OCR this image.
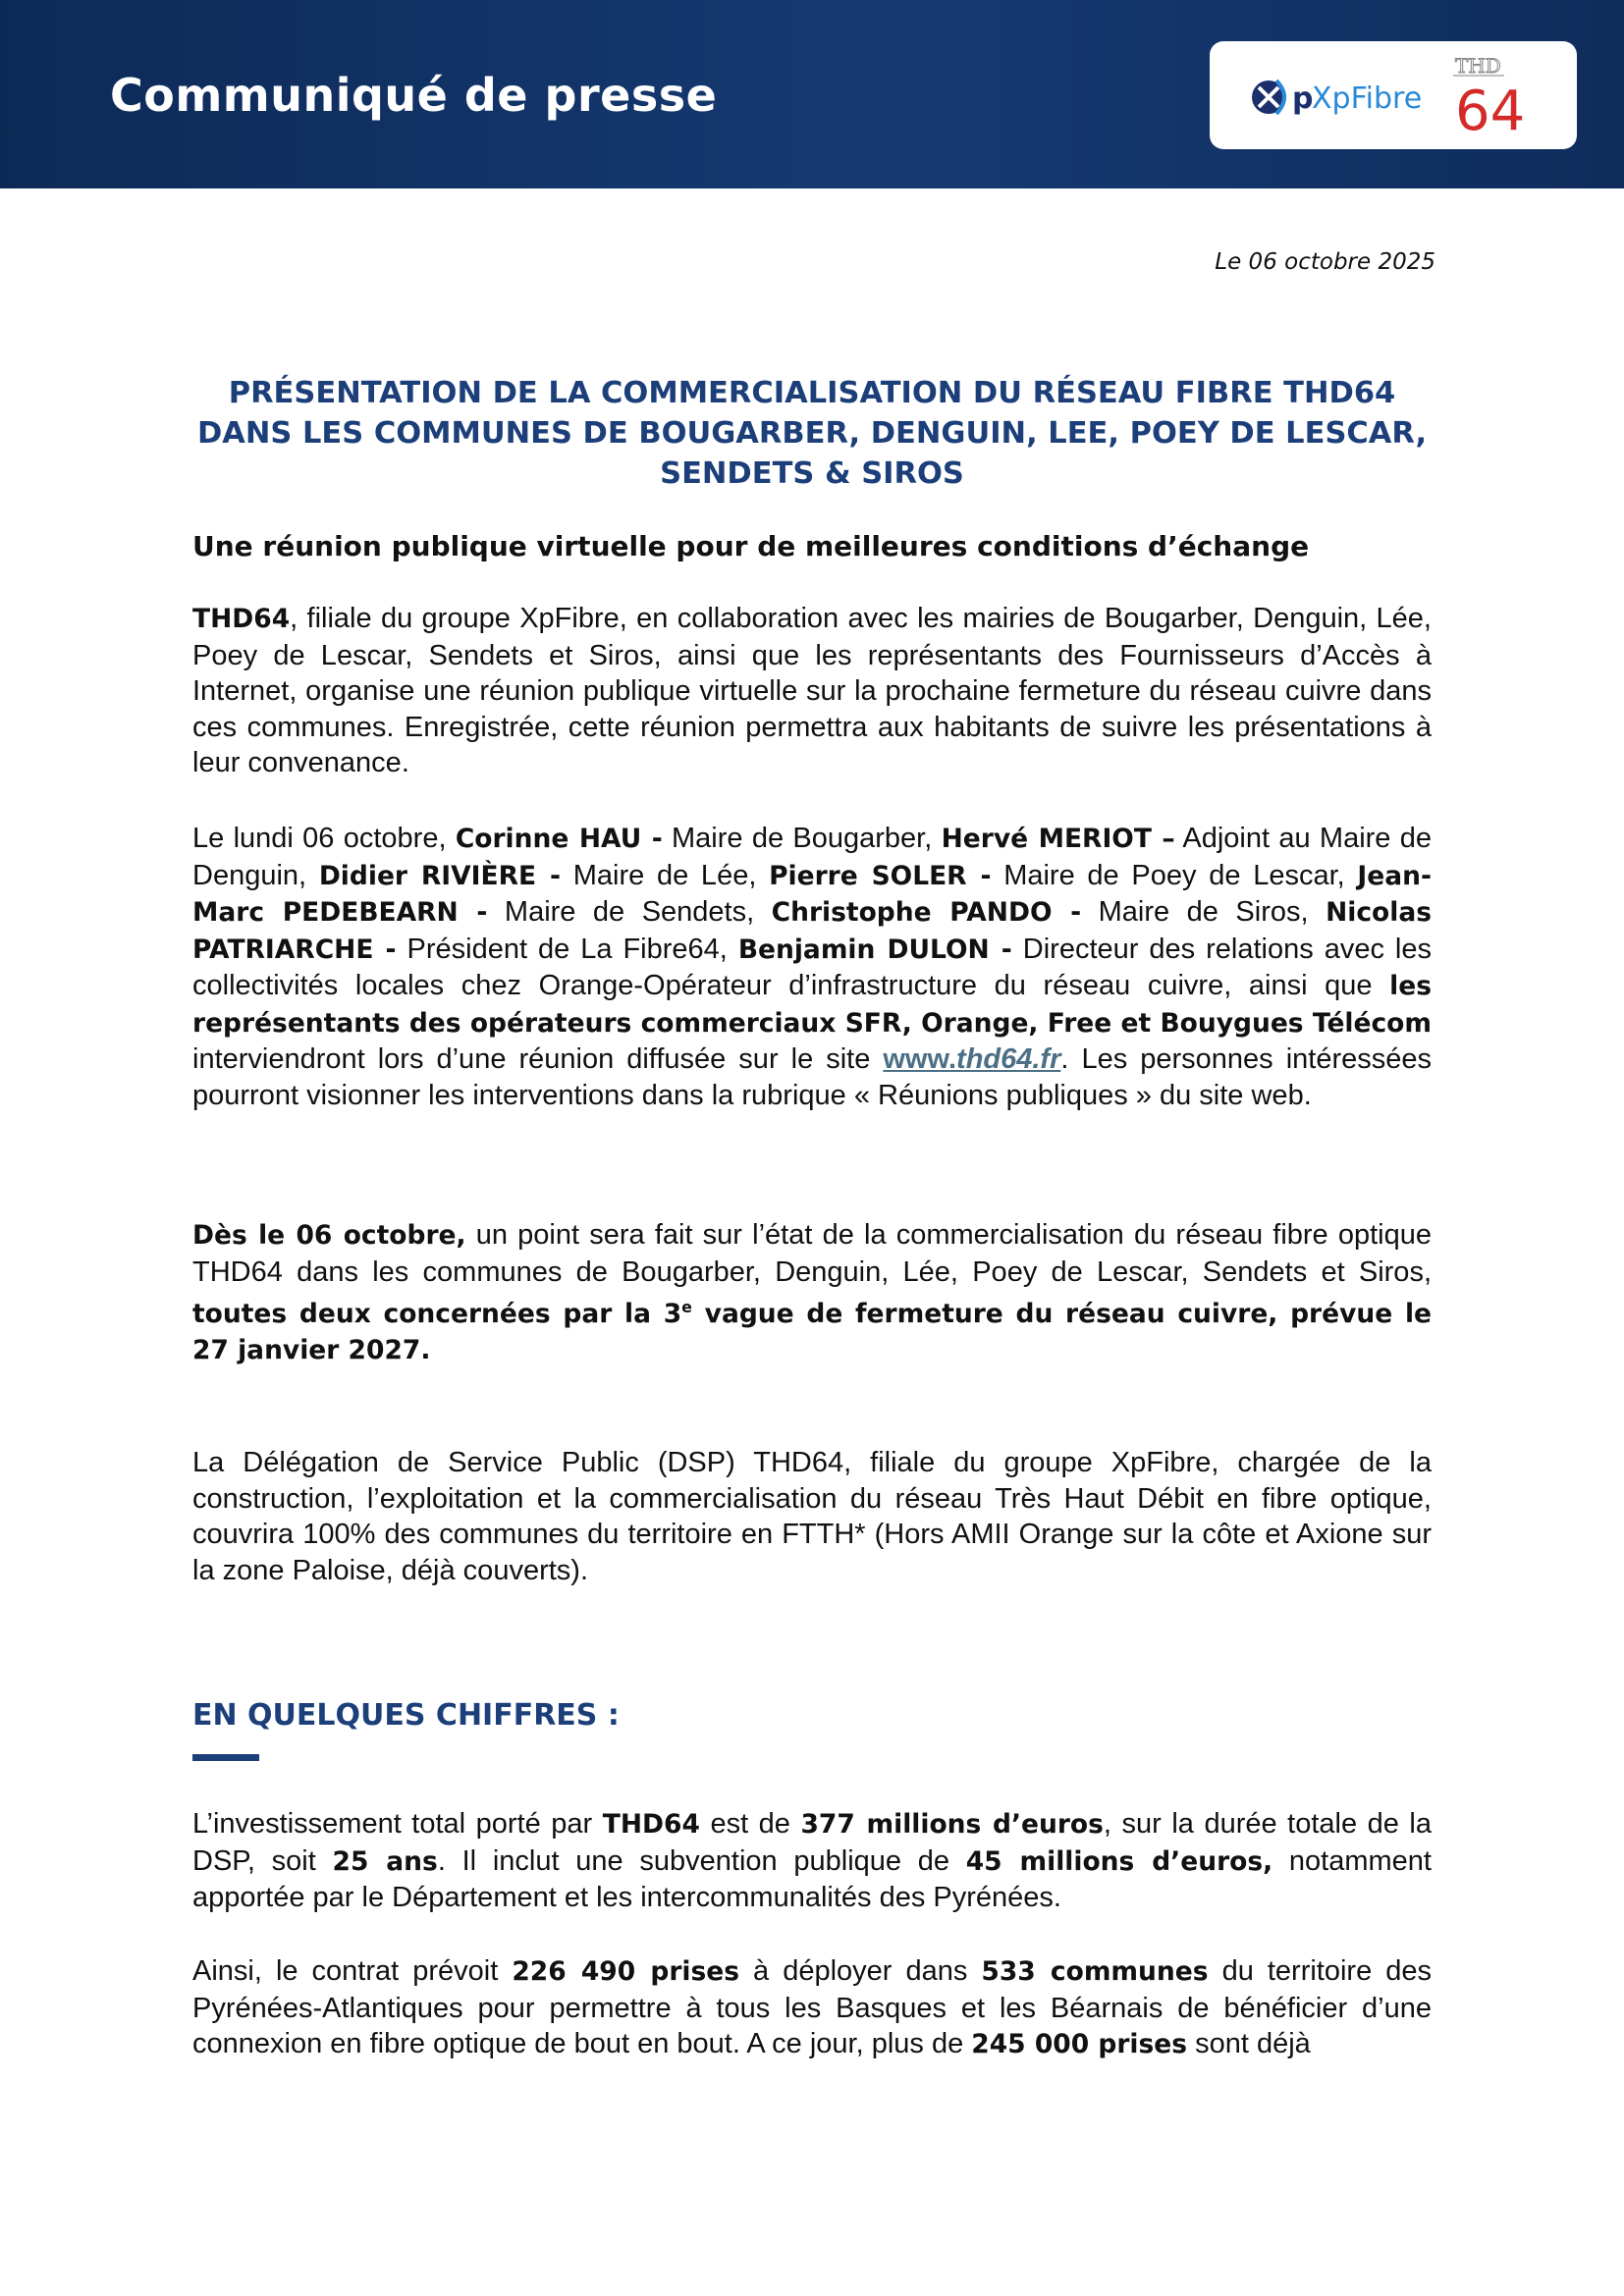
Communiqué de presse	p
XpFibre
THD
64
Le 06 octobre 2025
PRÉSENTATION DE LA COMMERCIALISATION DU RÉSEAU FIBRE THD64
DANS LES COMMUNES DE BOUGARBER, DENGUIN, LEE, POEY DE LESCAR,
SENDETS & SIROS
Une réunion publique virtuelle pour de meilleures conditions d’échange

THD64, filiale du groupe XpFibre, en collaboration avec les mairies de Bougarber, Denguin, Lée, Poey de Lescar, Sendets et Siros, ainsi que les représentants des Fournisseurs d’Accès à Internet, organise une réunion publique virtuelle sur la prochaine fermeture du réseau cuivre dans ces communes. Enregistrée, cette réunion permettra aux habitants de suivre les présentations à leur convenance.

Le lundi 06 octobre, Corinne HAU - Maire de Bougarber, Hervé MERIOT – Adjoint au Maire de Denguin, Didier RIVIÈRE - Maire de Lée, Pierre SOLER - Maire de Poey de Lescar, Jean-Marc PEDEBEARN - Maire de Sendets, Christophe PANDO - Maire de Siros, Nicolas PATRIARCHE - Président de La Fibre64, Benjamin DULON - Directeur des relations avec les collectivités locales chez Orange-Opérateur d’infrastructure du réseau cuivre, ainsi que les représentants des opérateurs commerciaux SFR, Orange, Free et Bouygues Télécom interviendront lors d’une réunion diffusée sur le site www.thd64.fr. Les personnes intéressées pourront visionner les interventions dans la rubrique « Réunions publiques » du site web.

Dès le 06 octobre, un point sera fait sur l’état de la commercialisation du réseau fibre optique THD64 dans les communes de Bougarber, Denguin, Lée, Poey de Lescar, Sendets et Siros, toutes deux concernées par la 3e vague de fermeture du réseau cuivre, prévue le 27 janvier 2027.

La Délégation de Service Public (DSP) THD64, filiale du groupe XpFibre, chargée de la construction, l’exploitation et la commercialisation du réseau Très Haut Débit en fibre optique, couvrira 100% des communes du territoire en FTTH* (Hors AMII Orange sur la côte et Axione sur la zone Paloise, déjà couverts).

EN QUELQUES CHIFFRES :

L’investissement total porté par THD64 est de 377 millions d’euros, sur la durée totale de la DSP, soit 25 ans. Il inclut une subvention publique de 45 millions d’euros, notamment apportée par le Département et les intercommunalités des Pyrénées.

Ainsi, le contrat prévoit 226 490 prises à déployer dans 533 communes du territoire des Pyrénées-Atlantiques pour permettre à tous les Basques et les Béarnais de bénéficier d’une connexion en fibre optique de bout en bout. A ce jour, plus de 245 000 prises sont déjà
